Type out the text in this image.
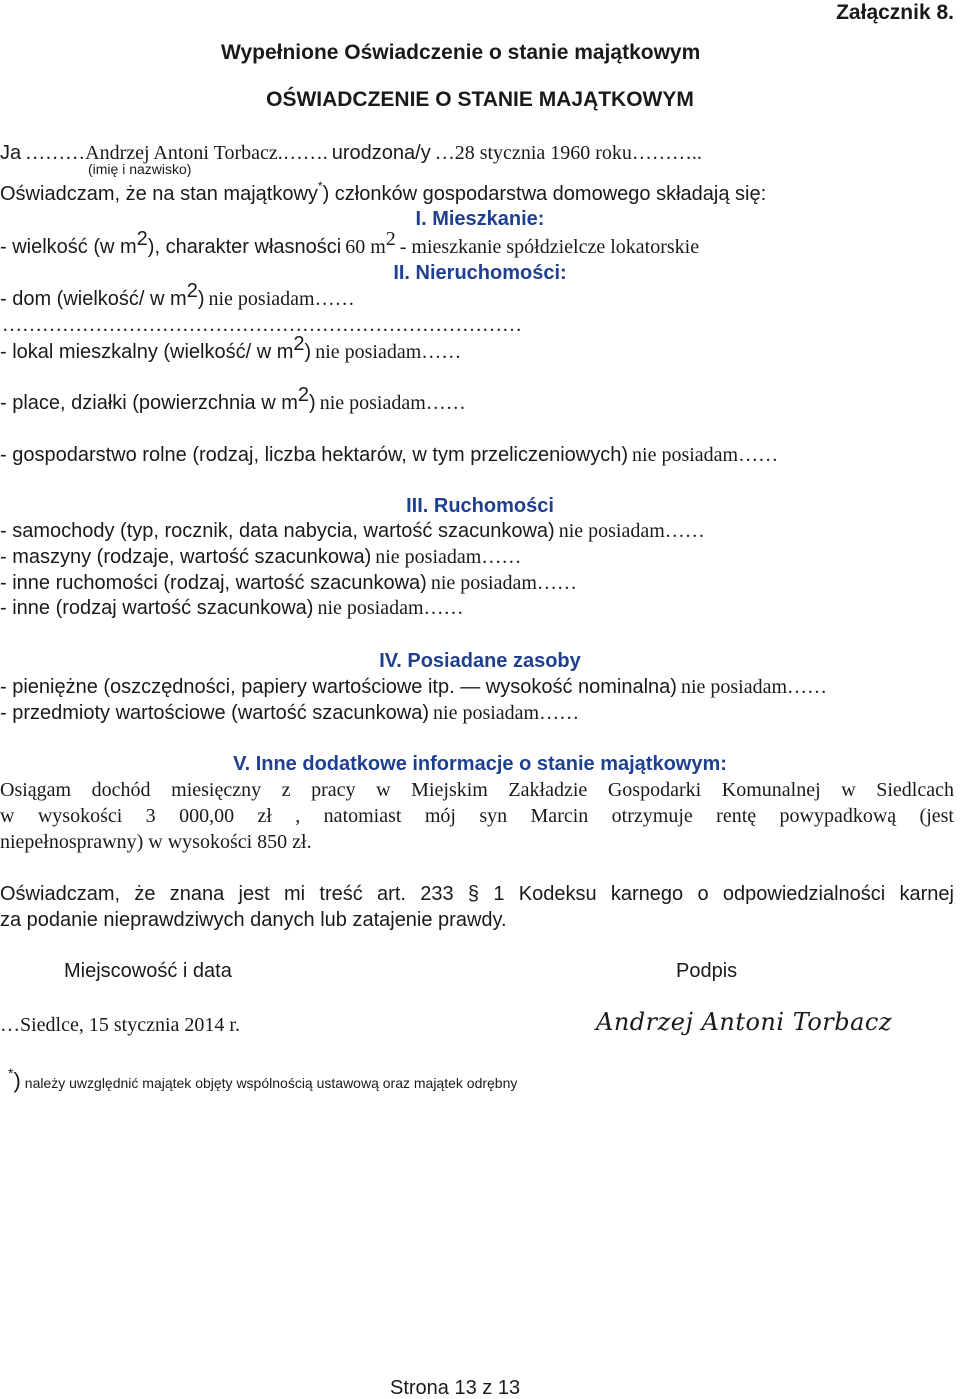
Załącznik 8.
Wypełnione Oświadczenie o stanie majątkowym
OŚWIADCZENIE O STANIE MAJĄTKOWYM
Ja ………Andrzej Antoni Torbacz.……. urodzona/y …28 stycznia 1960 roku………..
(imię i nazwisko)
Oświadczam, że na stan majątkowy*) członków gospodarstwa domowego składają się:
I. Mieszkanie:
- wielkość (w $m^2$), charakter własności 60 $m^2$ - mieszkanie spółdzielcze lokatorskie
II. Nieruchomości:
- dom (wielkość/ w $m^2$) nie posiadam……
……………………………………………………………………
- lokal mieszkalny (wielkość/ w $m^2$) nie posiadam……
- place, działki (powierzchnia w $m^2$) nie posiadam……
- gospodarstwo rolne (rodzaj, liczba hektarów, w tym przeliczeniowych) nie posiadam……
III. Ruchomości
- samochody (typ, rocznik, data nabycia, wartość szacunkowa) nie posiadam……
- maszyny (rodzaje, wartość szacunkowa) nie posiadam……
- inne ruchomości (rodzaj, wartość szacunkowa) nie posiadam……
- inne (rodzaj wartość szacunkowa) nie posiadam……
IV. Posiadane zasoby
- pieniężne (oszczędności, papiery wartościowe itp. — wysokość nominalna) nie posiadam……
- przedmioty wartościowe (wartość szacunkowa) nie posiadam……
V. Inne dodatkowe informacje o stanie majątkowym:
Osiągam dochód miesięczny z pracy w Miejskim Zakładzie Gospodarki Komunalnej w Siedlcach
w wysokości 3 000,00 zł , natomiast mój syn Marcin otrzymuje rentę powypadkową (jest
niepełnosprawny) w wysokości 850 zł.
Oświadczam, że znana jest mi treść art. 233 § 1 Kodeksu karnego o odpowiedzialności karnej
za podanie nieprawdziwych danych lub zatajenie prawdy.
Miejscowość i data	Podpis
…Siedlce, 15 stycznia 2014 r.	Andrzej Antoni Torbacz
*) należy uwzględnić majątek objęty wspólnością ustawową oraz majątek odrębny
Strona 13 z 13
